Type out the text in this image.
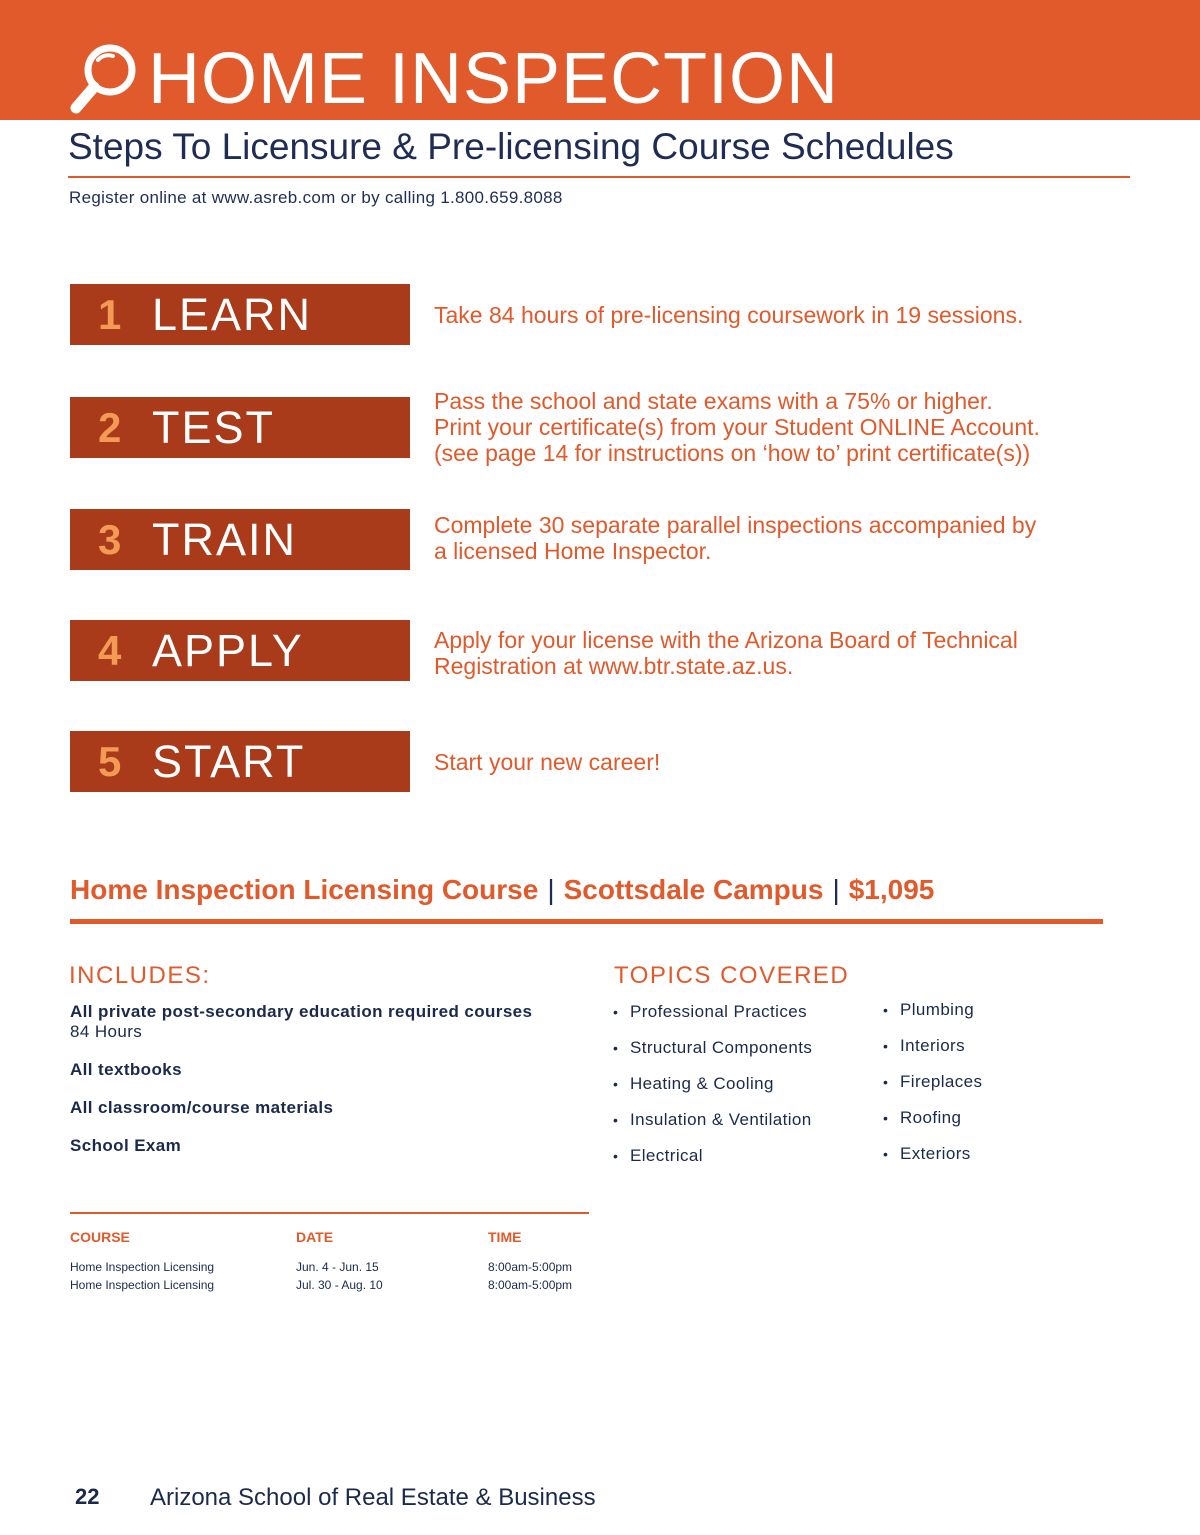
HOME INSPECTION
Steps To Licensure & Pre-licensing Course Schedules
Register online at www.asreb.com or by calling 1.800.659.8088
1 LEARN	Take 84 hours of pre-licensing coursework in 19 sessions.
2 TEST
Pass the school and state exams with a 75% or higher.
Print your certificate(s) from your Student ONLINE Account.
(see page 14 for instructions on ‘how to’ print certificate(s))
3 TRAIN	Complete 30 separate parallel inspections accompanied by
a licensed Home Inspector.
4 APPLY	Apply for your license with the Arizona Board of Technical
Registration at www.btr.state.az.us.
5 START	Start your new career!
Home Inspection Licensing Course | Scottsdale Campus | $1,095
INCLUDES:
All private post-secondary education required courses
84 Hours
All textbooks
All classroom/course materials
School Exam
TOPICS COVERED
• Professional Practices
• Structural Components
• Heating & Cooling
• Insulation & Ventilation
• Electrical
• Plumbing
• Interiors
• Fireplaces
• Roofing
• Exteriors
COURSE	DATE	TIME
Home Inspection Licensing	Jun. 4 - Jun. 15	8:00am-5:00pm
Home Inspection Licensing	Jul. 30 - Aug. 10	8:00am-5:00pm
22 Arizona School of Real Estate & Business
